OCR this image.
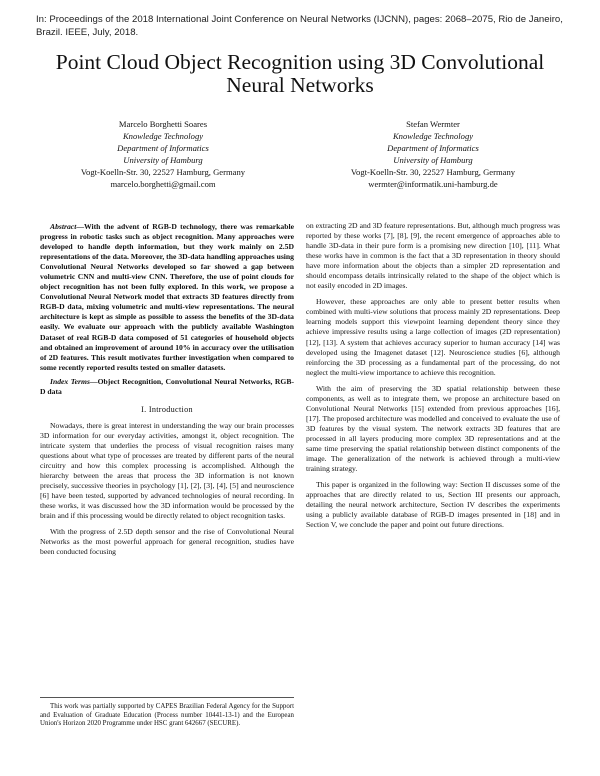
In: Proceedings of the 2018 International Joint Conference on Neural Networks (IJCNN), pages: 2068–2075, Rio de Janeiro, Brazil. IEEE, July, 2018.
Point Cloud Object Recognition using 3D Convolutional Neural Networks
Marcelo Borghetti Soares
Knowledge Technology
Department of Informatics
University of Hamburg
Vogt-Koelln-Str. 30, 22527 Hamburg, Germany
marcelo.borghetti@gmail.com
Stefan Wermter
Knowledge Technology
Department of Informatics
University of Hamburg
Vogt-Koelln-Str. 30, 22527 Hamburg, Germany
wermter@informatik.uni-hamburg.de

Abstract—With the advent of RGB-D technology, there was remarkable progress in robotic tasks such as object recognition. Many approaches were developed to handle depth information, but they work mainly on 2.5D representations of the data. Moreover, the 3D-data handling approaches using Convolutional Neural Networks developed so far showed a gap between volumetric CNN and multi-view CNN. Therefore, the use of point clouds for object recognition has not been fully explored. In this work, we propose a Convolutional Neural Network model that extracts 3D features directly from RGB-D data, mixing volumetric and multi-view representations. The neural architecture is kept as simple as possible to assess the benefits of the 3D-data easily. We evaluate our approach with the publicly available Washington Dataset of real RGB-D data composed of 51 categories of household objects and obtained an improvement of around 10% in accuracy over the utilisation of 2D features. This result motivates further investigation when compared to some recently reported results tested on smaller datasets.

Index Terms—Object Recognition, Convolutional Neural Networks, RGB-D data

I. Introduction

Nowadays, there is great interest in understanding the way our brain processes 3D information for our everyday activities, amongst it, object recognition. The intricate system that underlies the process of visual recognition raises many questions about what type of processes are treated by different parts of the neural circuitry and how this complex processing is accomplished. Although the hierarchy between the areas that process the 3D information is not known precisely, successive theories in psychology [1], [2], [3], [4], [5] and neuroscience [6] have been tested, supported by advanced technologies of neural recording. In these works, it was discussed how the 3D information would be processed by the brain and if this processing would be directly related to object recognition tasks.

With the progress of 2.5D depth sensor and the rise of Convolutional Neural Networks as the most powerful approach for general recognition, studies have been conducted focusing

on extracting 2D and 3D feature representations. But, although much progress was reported by these works [7], [8], [9], the recent emergence of approaches able to handle 3D-data in their pure form is a promising new direction [10], [11]. What these works have in common is the fact that a 3D representation in theory should have more information about the objects than a simpler 2D representation and should encompass details intrinsically related to the shape of the object which is not easily encoded in 2D images.

However, these approaches are only able to present better results when combined with multi-view solutions that process mainly 2D representations. Deep learning models support this viewpoint learning dependent theory since they achieve impressive results using a large collection of images (2D representation) [12], [13]. A system that achieves accuracy superior to human accuracy [14] was developed using the Imagenet dataset [12]. Neuroscience studies [6], although reinforcing the 3D processing as a fundamental part of the processing, do not neglect the multi-view importance to achieve this recognition.

With the aim of preserving the 3D spatial relationship between these components, as well as to integrate them, we propose an architecture based on Convolutional Neural Networks [15] extended from previous approaches [16], [17]. The proposed architecture was modelled and conceived to evaluate the use of 3D features by the visual system. The network extracts 3D features that are processed in all layers producing more complex 3D representations and at the same time preserving the spatial relationship between distinct components of the image. The generalization of the network is achieved through a multi-view training strategy.

This paper is organized in the following way: Section II discusses some of the approaches that are directly related to us, Section III presents our approach, detailing the neural network architecture, Section IV describes the experiments using a publicly available database of RGB-D images presented in [18] and in Section V, we conclude the paper and point out future directions.

This work was partially supported by CAPES Brazilian Federal Agency for the Support and Evaluation of Graduate Education (Process number 10441-13-1) and the European Union's Horizon 2020 Programme under HSC grant 642667 (SECURE).
